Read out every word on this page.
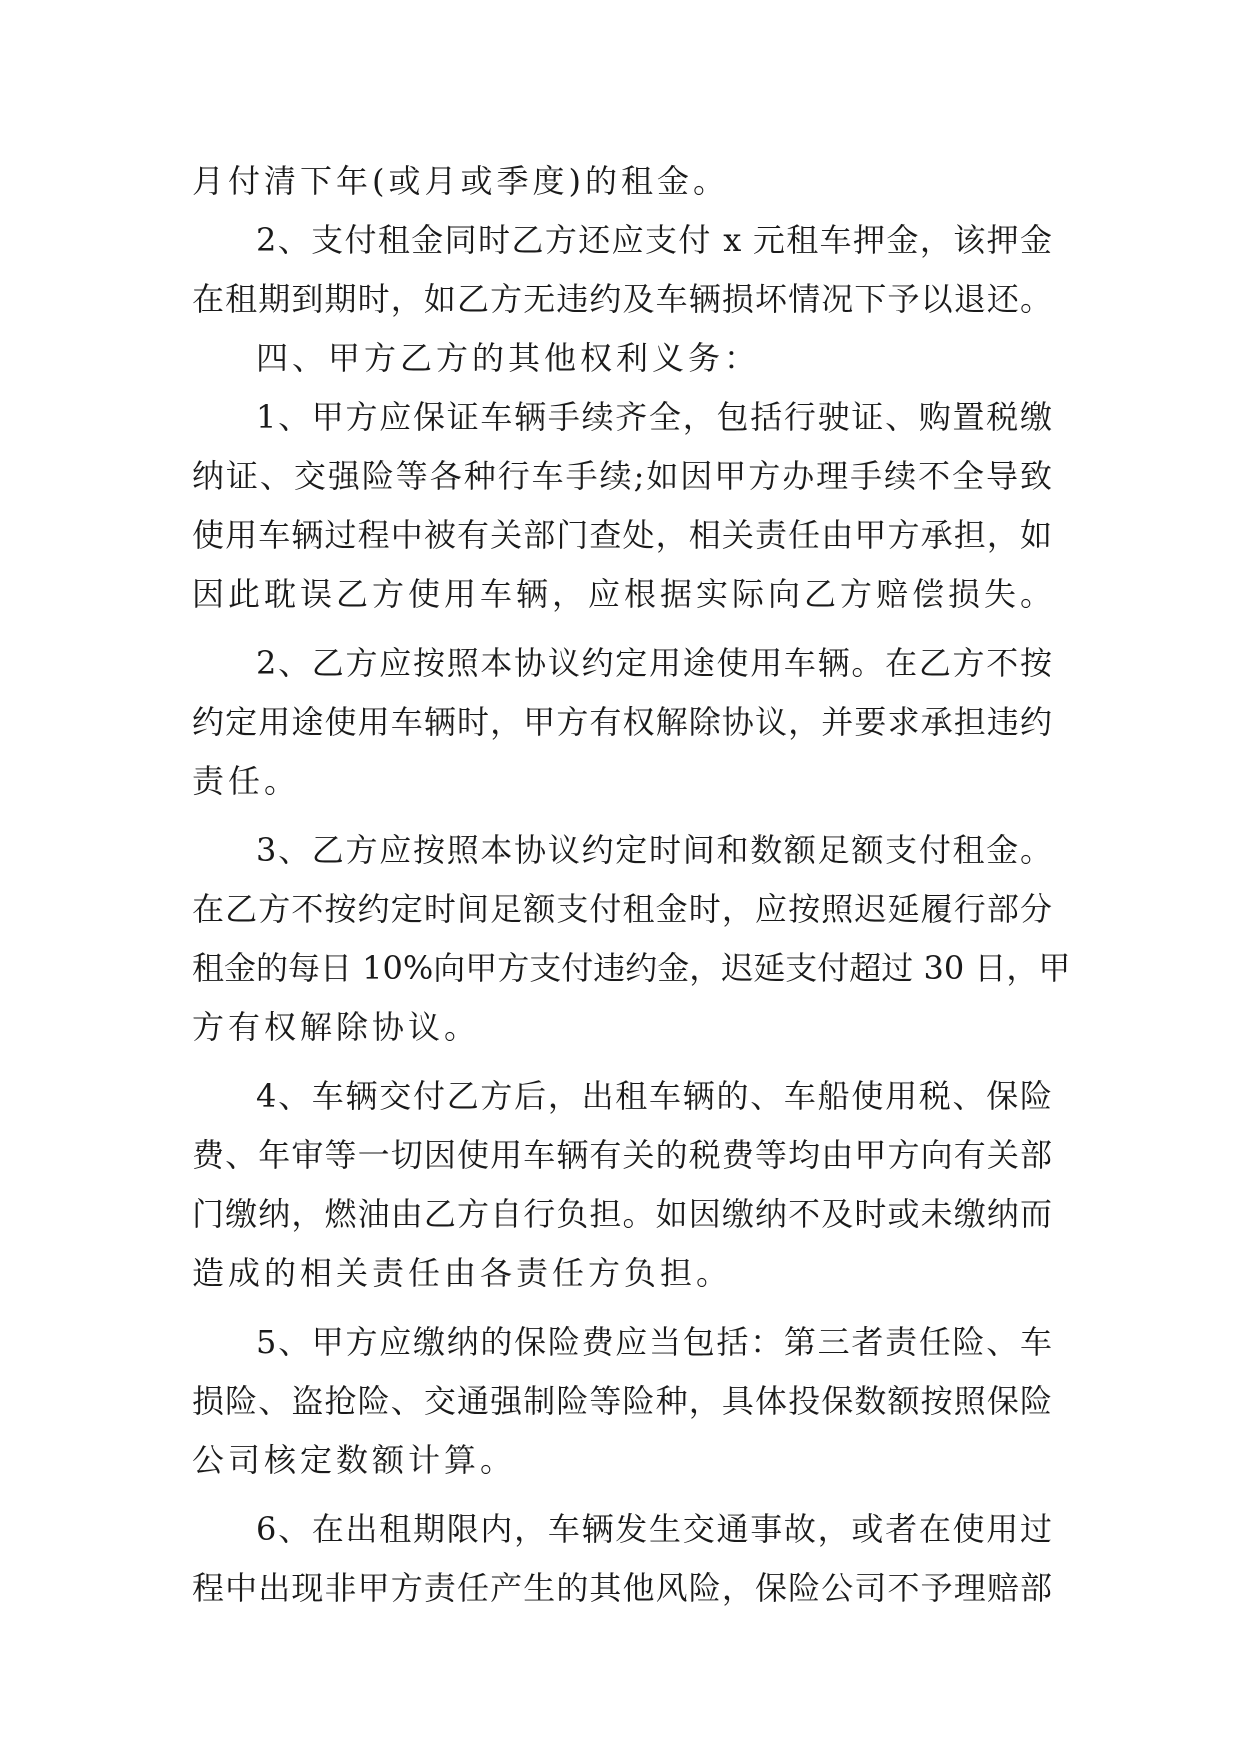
月付清下年(或月或季度)的租金。
2、支付租金同时乙方还应支付 x 元租车押金，该押金
在租期到期时，如乙方无违约及车辆损坏情况下予以退还。
四、甲方乙方的其他权利义务：
1、甲方应保证车辆手续齐全，包括行驶证、购置税缴
纳证、交强险等各种行车手续;如因甲方办理手续不全导致
使用车辆过程中被有关部门查处，相关责任由甲方承担，如
因此耽误乙方使用车辆，应根据实际向乙方赔偿损失。
2、乙方应按照本协议约定用途使用车辆。在乙方不按
约定用途使用车辆时，甲方有权解除协议，并要求承担违约
责任。
3、乙方应按照本协议约定时间和数额足额支付租金。
在乙方不按约定时间足额支付租金时，应按照迟延履行部分
租金的每日 10%向甲方支付违约金，迟延支付超过 30 日，甲
方有权解除协议。
4、车辆交付乙方后，出租车辆的、车船使用税、保险
费、年审等一切因使用车辆有关的税费等均由甲方向有关部
门缴纳，燃油由乙方自行负担。如因缴纳不及时或未缴纳而
造成的相关责任由各责任方负担。
5、甲方应缴纳的保险费应当包括：第三者责任险、车
损险、盗抢险、交通强制险等险种，具体投保数额按照保险
公司核定数额计算。
6、在出租期限内，车辆发生交通事故，或者在使用过
程中出现非甲方责任产生的其他风险，保险公司不予理赔部
